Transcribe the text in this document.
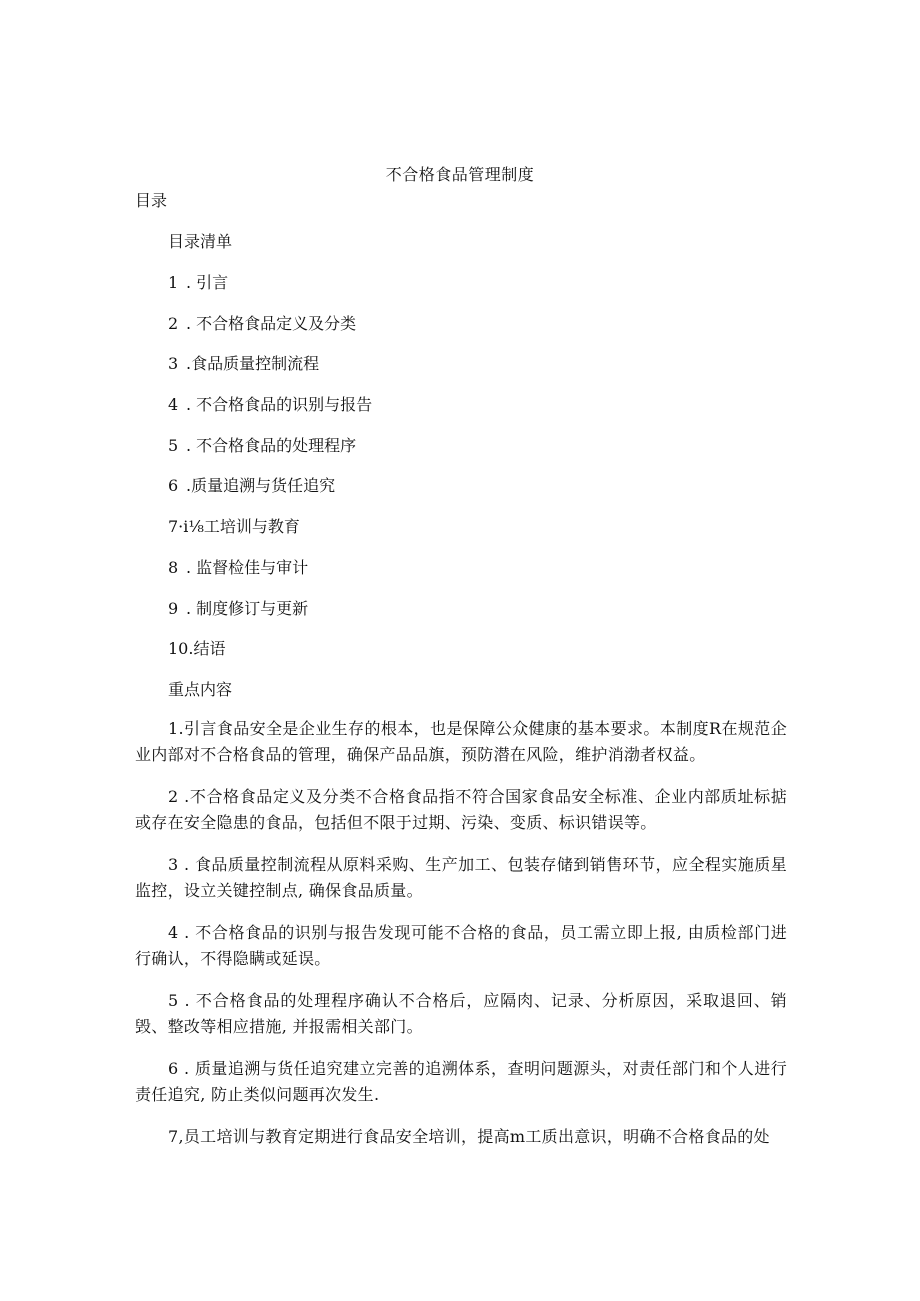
不合格食品管理制度
目录
目录清单
1. 引言
2. 不合格食品定义及分类
3.食品质量控制流程
4. 不合格食品的识别与报告
5. 不合格食品的处理程序
6.质量追溯与货任追究
7·i⅛工培训与教育
8. 监督检佳与审计
9. 制度修订与更新
10.结语
重点内容

1.引言食品安全是企业生存的根本，也是保障公众健康的基本要求。本制度R在规范企业内部对不合格食品的管理，确保产品品旗，预防潜在风险，维护消渤者权益。

2 .不合格食品定义及分类不合格食品指不符合国家食品安全标准、企业内部质址标掂或存在安全隐患的食品，包括但不限于过期、污染、变质、标识错误等。

3 . 食品质量控制流程从原料采购、生产加工、包装存储到销售环节，应全程实施质星监控，设立关键控制点, 确保食品质量。

4 . 不合格食品的识别与报告发现可能不合格的食品，员工需立即上报, 由质检部门进行确认，不得隐瞒或延误。

5 . 不合格食品的处理程序确认不合格后，应隔肉、记录、分析原因，采取退回、销毁、整改等相应措施, 并报需相关部门。

6 . 质量追溯与货任追究建立完善的追溯体系，查明问题源头，对责任部门和个人进行责任追究, 防止类似问题再次发生.

7,员工培训与教育定期进行食品安全培训，提高m工质出意识，明确不合格食品的处
